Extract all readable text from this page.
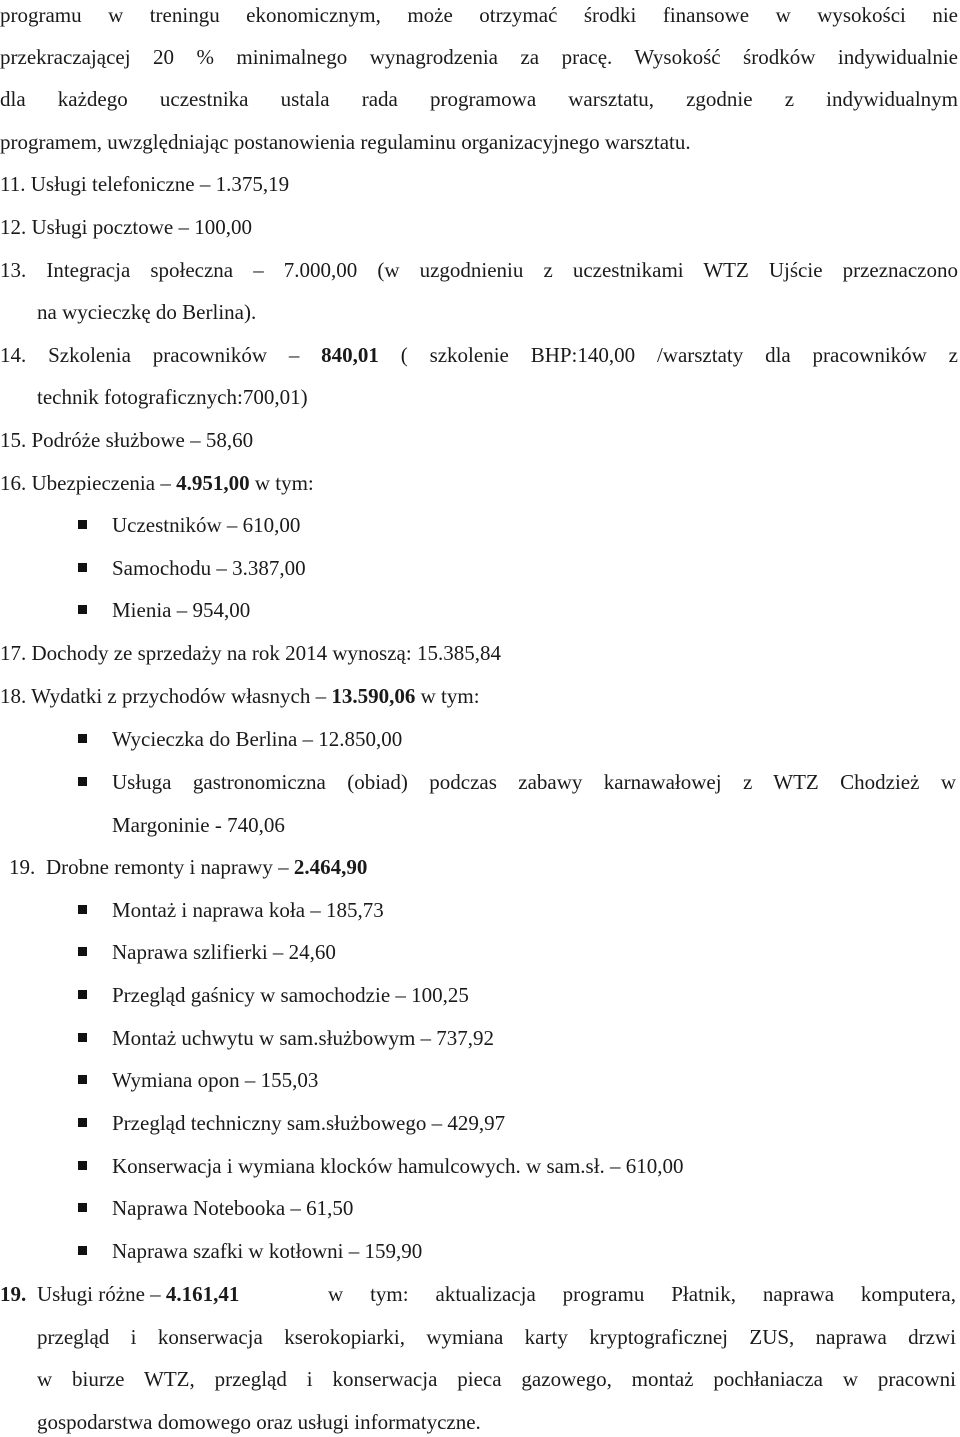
programu w treningu ekonomicznym, może otrzymać środki finansowe w wysokości nie
przekraczającej 20 % minimalnego wynagrodzenia za pracę. Wysokość środków indywidualnie
dla każdego uczestnika ustala rada programowa warsztatu, zgodnie z indywidualnym
programem, uwzględniając postanowienia regulaminu organizacyjnego warsztatu.
11. Usługi telefoniczne – 1.375,19
12. Usługi pocztowe – 100,00
13. Integracja społeczna – 7.000,00 (w uzgodnieniu z uczestnikami WTZ Ujście przeznaczono
na wycieczkę do Berlina).
14. Szkolenia pracowników – 840,01 ( szkolenie BHP:140,00 /warsztaty dla pracowników z
technik fotograficznych:700,01)
15. Podróże służbowe – 58,60
16. Ubezpieczenia – 4.951,00 w tym:
Uczestników – 610,00
Samochodu – 3.387,00
Mienia – 954,00
17. Dochody ze sprzedaży na rok 2014 wynoszą: 15.385,84
18. Wydatki z przychodów własnych – 13.590,06 w tym:
Wycieczka do Berlina – 12.850,00
Usługa gastronomiczna (obiad) podczas zabawy karnawałowej z WTZ Chodzież w
Margoninie - 740,06
19. Drobne remonty i naprawy – 2.464,90
Montaż i naprawa koła – 185,73
Naprawa szlifierki – 24,60
Przegląd gaśnicy w samochodzie – 100,25
Montaż uchwytu w sam.służbowym – 737,92
Wymiana opon – 155,03
Przegląd techniczny sam.służbowego – 429,97
Konserwacja i wymiana klocków hamulcowych. w sam.sł. – 610,00
Naprawa Notebooka – 61,50
Naprawa szafki w kotłowni – 159,90
19. Usługi różne – 4.161,41	w tym: aktualizacja programu Płatnik, naprawa komputera,
przegląd i konserwacja kserokopiarki, wymiana karty kryptograficznej ZUS, naprawa drzwi
w biurze WTZ, przegląd i konserwacja pieca gazowego, montaż pochłaniacza w pracowni
gospodarstwa domowego oraz usługi informatyczne.
